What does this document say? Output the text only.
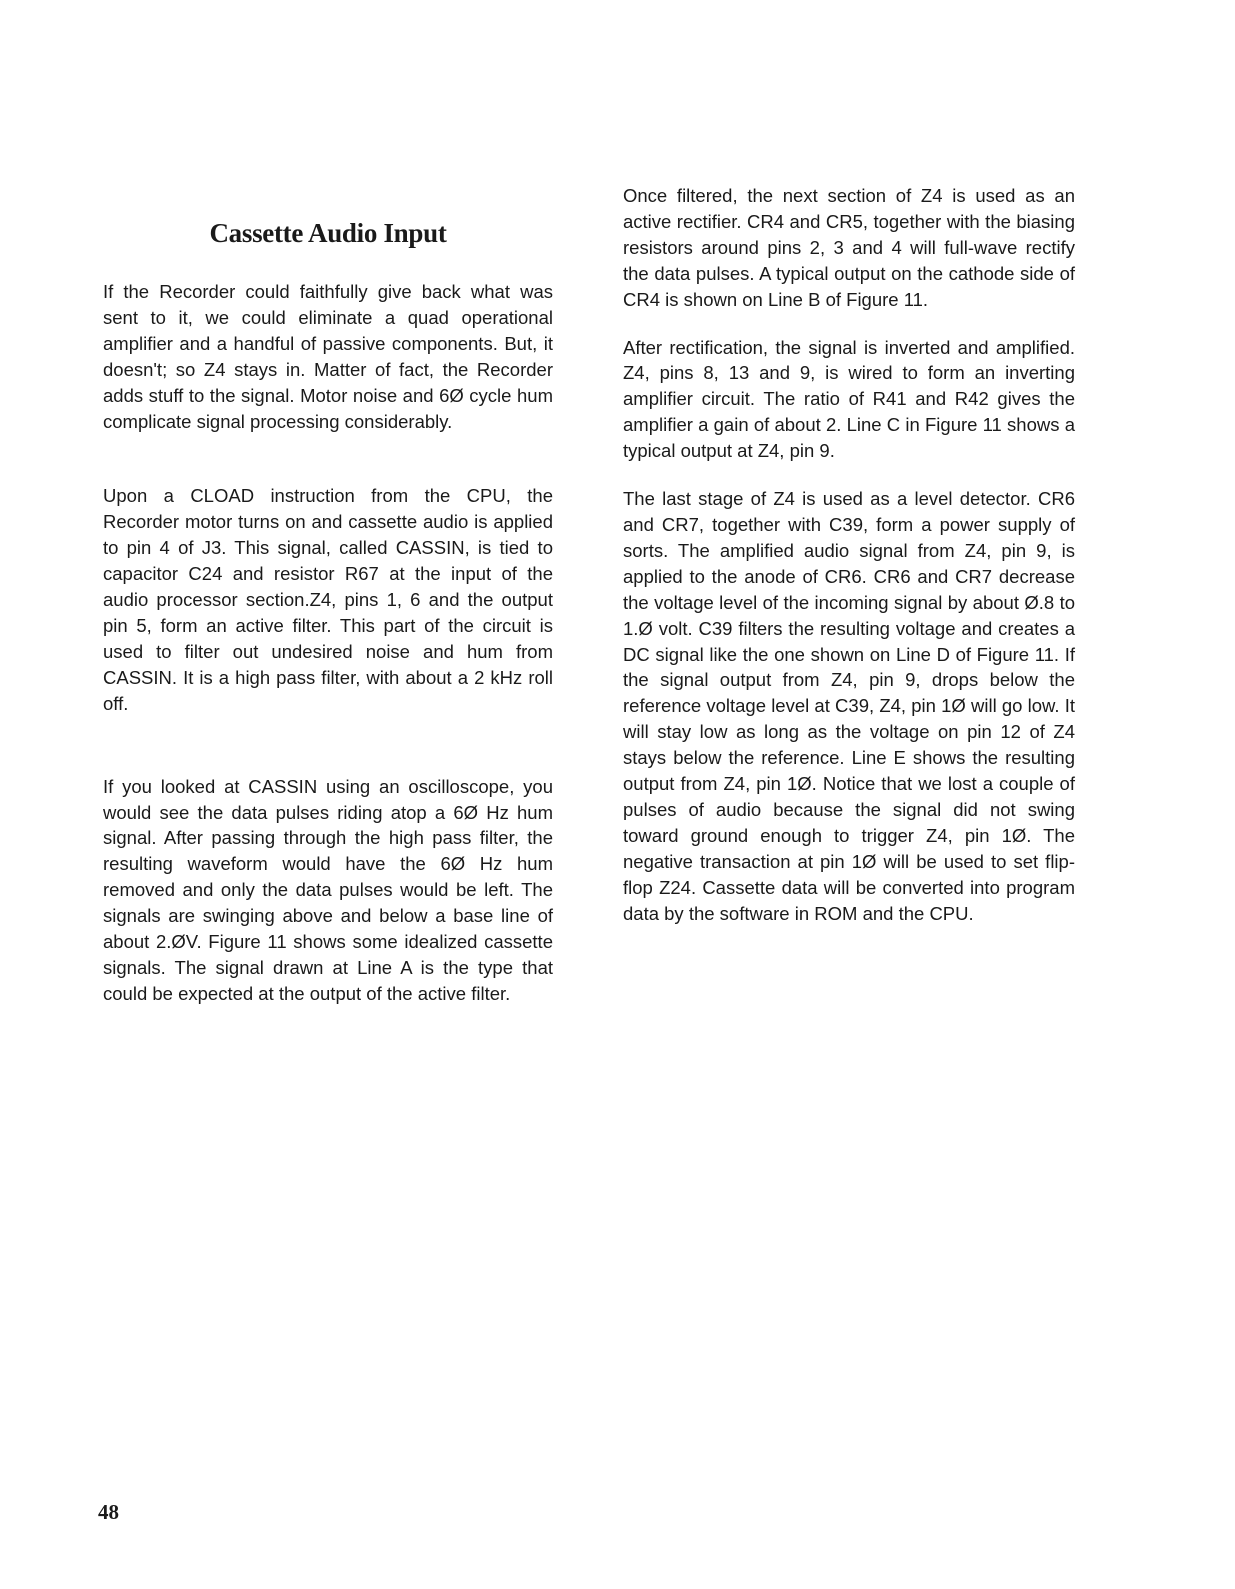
Cassette Audio Input

If the Recorder could faithfully give back what was sent to it, we could eliminate a quad operational amplifier and a handful of passive components. But, it doesn't; so Z4 stays in. Matter of fact, the Recorder adds stuff to the signal. Motor noise and 6Ø cycle hum complicate signal processing considerably.

Upon a CLOAD instruction from the CPU, the Recorder motor turns on and cassette audio is applied to pin 4 of J3. This signal, called CASSIN, is tied to capacitor C24 and resistor R67 at the input of the audio processor section.Z4, pins 1, 6 and the output pin 5, form an active filter. This part of the circuit is used to filter out undesired noise and hum from CASSIN. It is a high pass filter, with about a 2 kHz roll off.

If you looked at CASSIN using an oscilloscope, you would see the data pulses riding atop a 6Ø Hz hum signal. After passing through the high pass filter, the resulting waveform would have the 6Ø Hz hum removed and only the data pulses would be left. The signals are swinging above and below a base line of about 2.ØV. Figure 11 shows some idealized cassette signals. The signal drawn at Line A is the type that could be expected at the output of the active filter.

Once filtered, the next section of Z4 is used as an active rectifier. CR4 and CR5, together with the biasing resistors around pins 2, 3 and 4 will full-wave rectify the data pulses. A typical output on the cathode side of CR4 is shown on Line B of Figure 11.

After rectification, the signal is inverted and amplified. Z4, pins 8, 13 and 9, is wired to form an inverting amplifier circuit. The ratio of R41 and R42 gives the amplifier a gain of about 2. Line C in Figure 11 shows a typical output at Z4, pin 9.

The last stage of Z4 is used as a level detector. CR6 and CR7, together with C39, form a power supply of sorts. The amplified audio signal from Z4, pin 9, is applied to the anode of CR6. CR6 and CR7 decrease the voltage level of the incoming signal by about Ø.8 to 1.Ø volt. C39 filters the resulting voltage and creates a DC signal like the one shown on Line D of Figure 11. If the signal output from Z4, pin 9, drops below the reference voltage level at C39, Z4, pin 1Ø will go low. It will stay low as long as the voltage on pin 12 of Z4 stays below the reference. Line E shows the resulting output from Z4, pin 1Ø. Notice that we lost a couple of pulses of audio because the signal did not swing toward ground enough to trigger Z4, pin 1Ø. The negative transaction at pin 1Ø will be used to set flip-flop Z24. Cassette data will be converted into program data by the software in ROM and the CPU.

48
